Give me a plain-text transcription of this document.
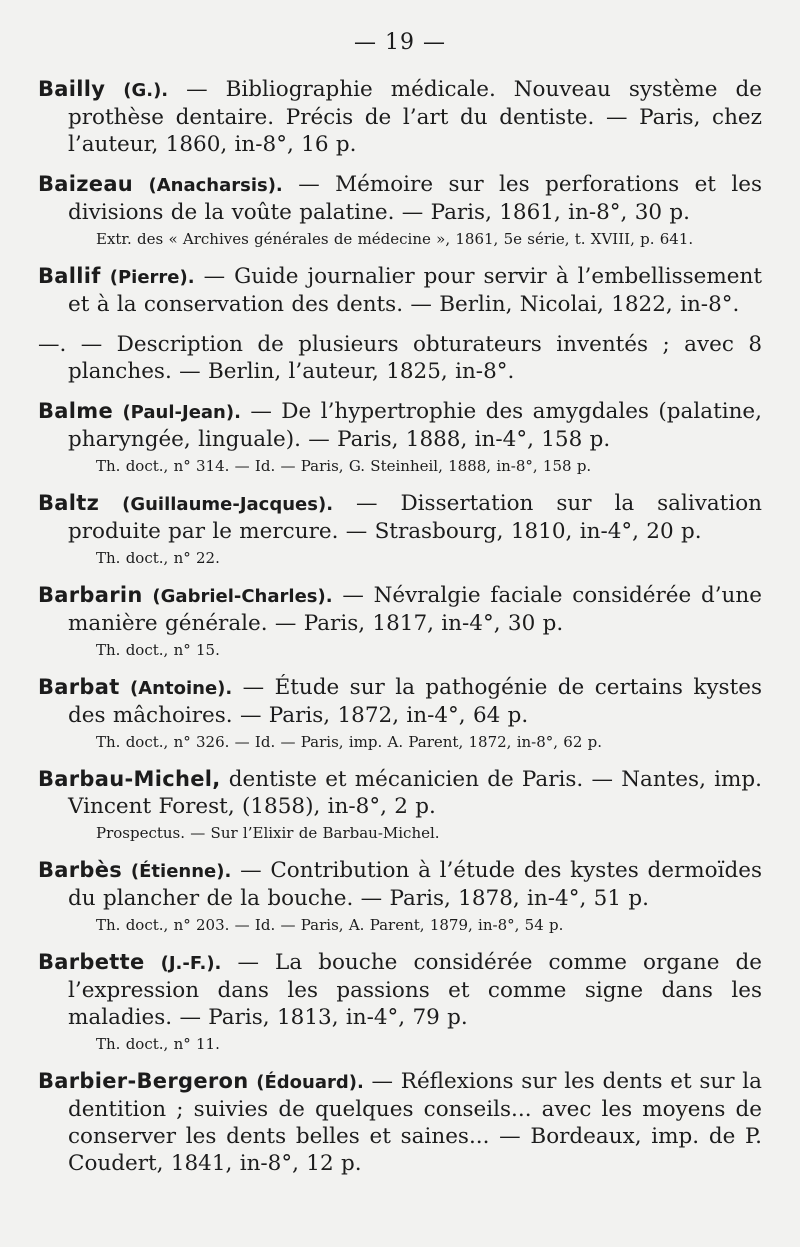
— 19 —
Bailly (G.). — Bibliographie médicale. Nouveau système de prothèse dentaire. Précis de l’art du dentiste. — Paris, chez l’auteur, 1860, in-8°, 16 p.
Baizeau (Anacharsis). — Mémoire sur les perforations et les divisions de la voûte palatine. — Paris, 1861, in-8°, 30 p.
Extr. des « Archives générales de médecine », 1861, 5e série, t. XVIII, p. 641.
Ballif (Pierre). — Guide journalier pour servir à l’embellissement et à la conservation des dents. — Berlin, Nicolai, 1822, in-8°.
—. — Description de plusieurs obturateurs inventés ; avec 8 planches. — Berlin, l’auteur, 1825, in-8°.
Balme (Paul-Jean). — De l’hypertrophie des amygdales (palatine, pharyngée, linguale). — Paris, 1888, in-4°, 158 p.
Th. doct., n° 314. — Id. — Paris, G. Steinheil, 1888, in-8°, 158 p.
Baltz (Guillaume-Jacques). — Dissertation sur la salivation produite par le mercure. — Strasbourg, 1810, in-4°, 20 p.
Th. doct., n° 22.
Barbarin (Gabriel-Charles). — Névralgie faciale considérée d’une manière générale. — Paris, 1817, in-4°, 30 p.
Th. doct., n° 15.
Barbat (Antoine). — Étude sur la pathogénie de certains kystes des mâchoires. — Paris, 1872, in-4°, 64 p.
Th. doct., n° 326. — Id. — Paris, imp. A. Parent, 1872, in-8°, 62 p.
Barbau-Michel, dentiste et mécanicien de Paris. — Nantes, imp. Vincent Forest, (1858), in-8°, 2 p.
Prospectus. — Sur l’Elixir de Barbau-Michel.
Barbès (Étienne). — Contribution à l’étude des kystes dermoïdes du plancher de la bouche. — Paris, 1878, in-4°, 51 p.
Th. doct., n° 203. — Id. — Paris, A. Parent, 1879, in-8°, 54 p.
Barbette (J.-F.). — La bouche considérée comme organe de l’expression dans les passions et comme signe dans les maladies. — Paris, 1813, in-4°, 79 p.
Th. doct., n° 11.
Barbier-Bergeron (Édouard). — Réflexions sur les dents et sur la dentition ; suivies de quelques conseils... avec les moyens de conserver les dents belles et saines... — Bordeaux, imp. de P. Coudert, 1841, in-8°, 12 p.
